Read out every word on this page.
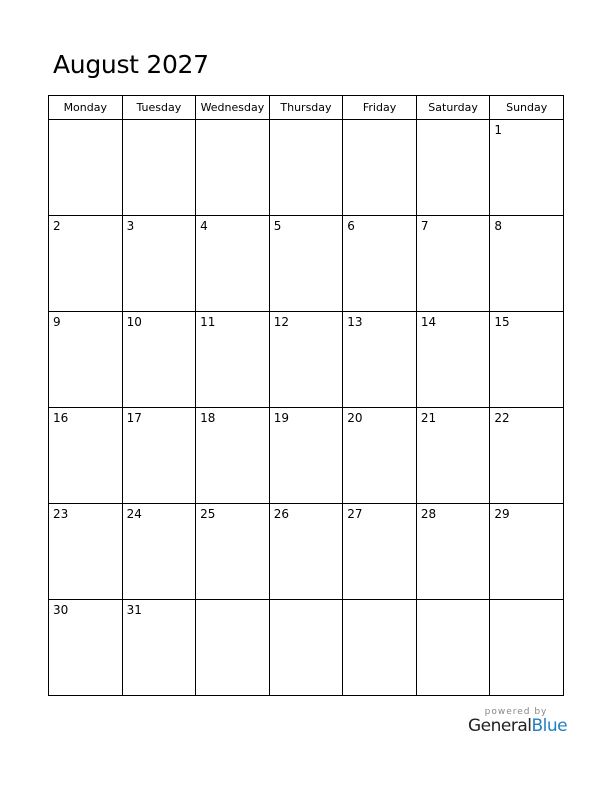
August 2027
Monday	Tuesday	Wednesday	Thursday	Friday	Saturday	Sunday

						1

2	3	4	5	6	7	8

9	10	11	12	13	14	15

16	17	18	19	20	21	22

23	24	25	26	27	28	29

30	31					

powered by
GeneralBlue
